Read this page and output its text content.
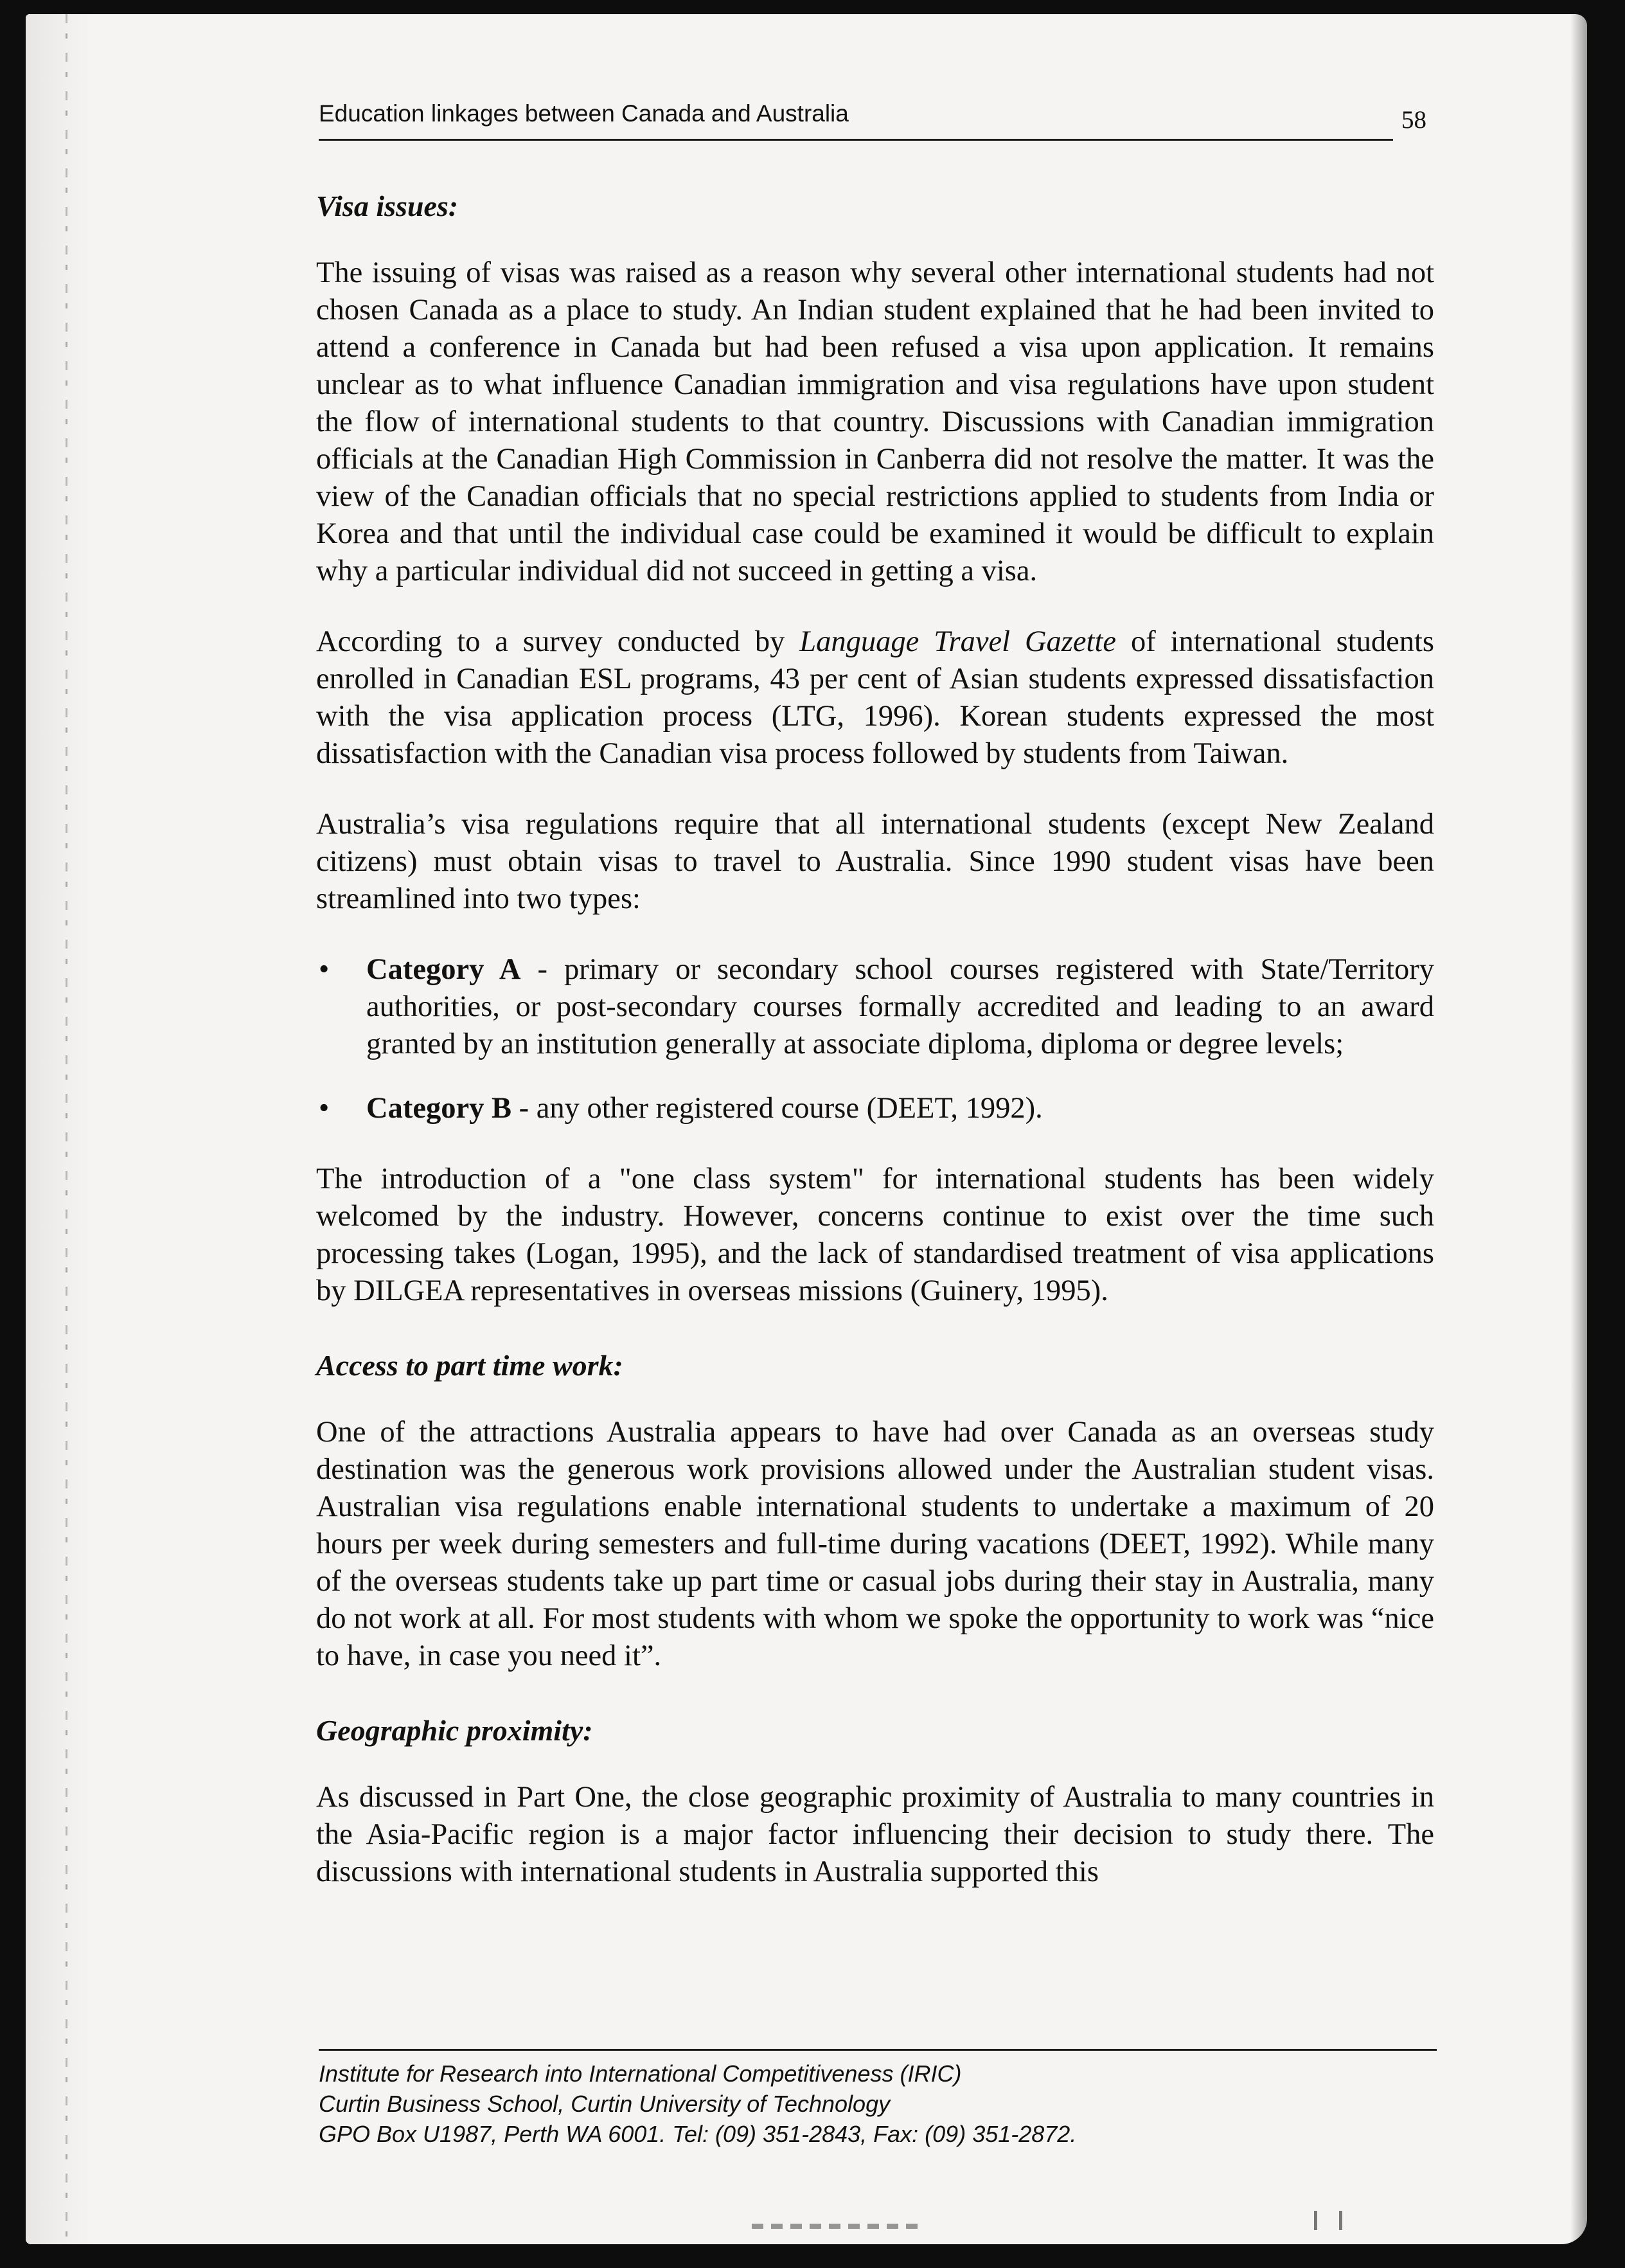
Education linkages between Canada and Australia	58
Visa issues:

The issuing of visas was raised as a reason why several other international students had not chosen Canada as a place to study. An Indian student explained that he had been invited to attend a conference in Canada but had been refused a visa upon application. It remains unclear as to what influence Canadian immigration and visa regulations have upon student the flow of international students to that country. Discussions with Canadian immigration officials at the Canadian High Commission in Canberra did not resolve the matter. It was the view of the Canadian officials that no special restrictions applied to students from India or Korea and that until the individual case could be examined it would be difficult to explain why a particular individual did not succeed in getting a visa.

According to a survey conducted by Language Travel Gazette of international students enrolled in Canadian ESL programs, 43 per cent of Asian students expressed dissatisfaction with the visa application process (LTG, 1996). Korean students expressed the most dissatisfaction with the Canadian visa process followed by students from Taiwan.

Australia’s visa regulations require that all international students (except New Zealand citizens) must obtain visas to travel to Australia. Since 1990 student visas have been streamlined into two types:

• Category A - primary or secondary school courses registered with State/Territory authorities, or post-secondary courses formally accredited and leading to an award granted by an institution generally at associate diploma, diploma or degree levels;
• Category B - any other registered course (DEET, 1992).

The introduction of a "one class system" for international students has been widely welcomed by the industry. However, concerns continue to exist over the time such processing takes (Logan, 1995), and the lack of standardised treatment of visa applications by DILGEA representatives in overseas missions (Guinery, 1995).

Access to part time work:

One of the attractions Australia appears to have had over Canada as an overseas study destination was the generous work provisions allowed under the Australian student visas. Australian visa regulations enable international students to undertake a maximum of 20 hours per week during semesters and full-time during vacations (DEET, 1992). While many of the overseas students take up part time or casual jobs during their stay in Australia, many do not work at all. For most students with whom we spoke the opportunity to work was “nice to have, in case you need it”.

Geographic proximity:

As discussed in Part One, the close geographic proximity of Australia to many countries in the Asia-Pacific region is a major factor influencing their decision to study there. The discussions with international students in Australia supported this

Institute for Research into International Competitiveness (IRIC)
Curtin Business School, Curtin University of Technology
GPO Box U1987, Perth WA 6001. Tel: (09) 351-2843, Fax: (09) 351-2872.
